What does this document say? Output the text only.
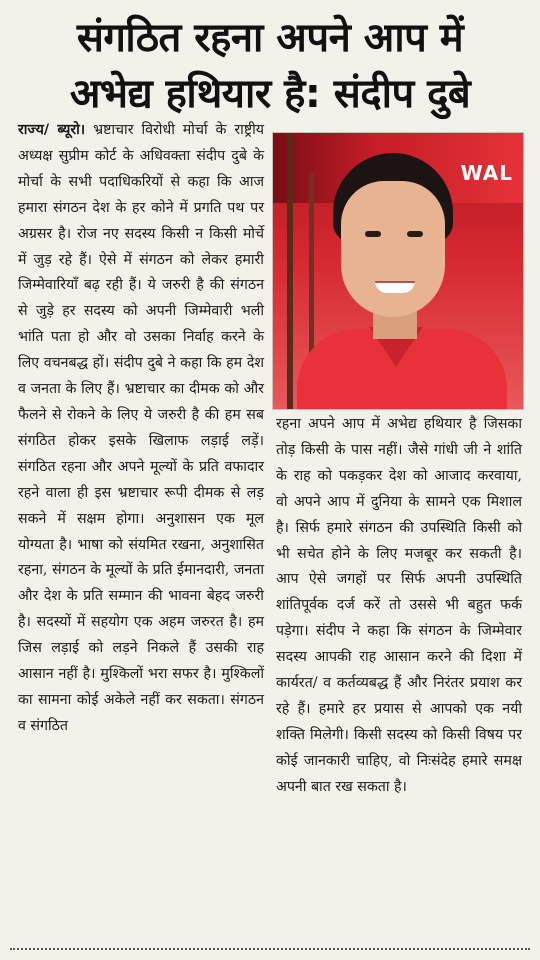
संगठित रहना अपने आप में
अभेद्य हथियार है: संदीप दुबे
राज्य/ ब्यूरो। भ्रष्टाचार विरोधी मोर्चा के राष्ट्रीय अध्यक्ष सुप्रीम कोर्ट के अधिवक्ता संदीप दुबे के मोर्चा के सभी पदाधिकरियों से कहा कि आज हमारा संगठन देश के हर कोने में प्रगति पथ पर अग्रसर है। रोज नए सदस्य किसी न किसी मोर्चे में जुड़ रहे हैं। ऐसे में संगठन को लेकर हमारी जिम्मेवारियाँ बढ़ रही हैं। ये जरुरी है की संगठन से जुड़े हर सदस्य को अपनी जिम्मेवारी भली भांति पता हो और वो उसका निर्वाह करने के लिए वचनबद्ध हों। संदीप दुबे ने कहा कि हम देश व जनता के लिए हैं। भ्रष्टाचार का दीमक को और फैलने से रोकने के लिए ये जरुरी है की हम सब संगठित होकर इसके खिलाफ लड़ाई लड़ें। संगठित रहना और अपने मूल्यों के प्रति वफादार रहने वाला ही इस भ्रष्टाचार रूपी दीमक से लड़ सकने में सक्षम होगा। अनुशासन एक मूल योग्यता है। भाषा को संयमित रखना, अनुशासित रहना, संगठन के मूल्यों के प्रति ईमानदारी, जनता और देश के प्रति सम्मान की भावना बेहद जरुरी है। सदस्यों में सहयोग एक अहम जरुरत है। हम जिस लड़ाई को लड़ने निकले हैं उसकी राह आसान नहीं है। मुश्किलों भरा सफर है। मुश्किलों का सामना कोई अकेले नहीं कर सकता। संगठन व संगठित
WAL
रहना अपने आप में अभेद्य हथियार है जिसका तोड़ किसी के पास नहीं। जैसे गांधी जी ने शांति के राह को पकड़कर देश को आजाद करवाया, वो अपने आप में दुनिया के सामने एक मिशाल है। सिर्फ हमारे संगठन की उपस्थिति किसी को भी सचेत होने के लिए मजबूर कर सकती है। आप ऐसे जगहों पर सिर्फ अपनी उपस्थिति शांतिपूर्वक दर्ज करें तो उससे भी बहुत फर्क पड़ेगा। संदीप ने कहा कि संगठन के जिम्मेवार सदस्य आपकी राह आसान करने की दिशा में कार्यरत/ व कर्तव्यबद्ध हैं और निरंतर प्रयाश कर रहे हैं। हमारे हर प्रयास से आपको एक नयी शक्ति मिलेगी। किसी सदस्य को किसी विषय पर कोई जानकारी चाहिए, वो निःसंदेह हमारे समक्ष अपनी बात रख सकता है।
